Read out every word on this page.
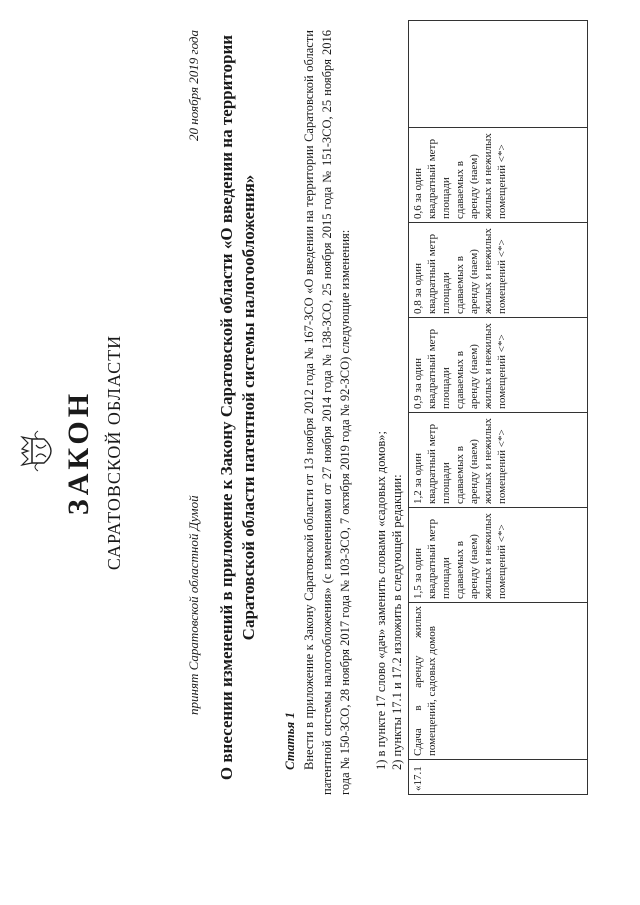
ЗАКОН САРАТОВСКОЙ ОБЛАСТИ
принят Саратовской областной Думой
20 ноября 2019 года О внесении изменений в приложение к Закону Саратовской области «О введении на территории Саратовской области патентной системы налогообложения»
Статья 1 Внести в приложение к Закону Саратовской области от 13 ноября 2012 года № 167-ЗСО «О введении на территории Саратовской области патентной системы налогообложения» (с изменениями от 27 ноября 2014 года № 138-ЗСО, 25 ноября 2015 года № 151-ЗСО, 25 ноября 2016 года № 150-ЗСО, 28 ноября 2017 года № 103-ЗСО, 7 октября 2019 года № 92-ЗСО) следующие изменения: 1) в пункте 17 слово «дач» заменить словами «садовых домов»; 2) пункты 17.1 и 17.2 изложить в следующей редакции:
«17.1	Сдача в аренду жилых помещений, садовых домов	1,5 за один квадратный метр площади сдаваемых в аренду (наем) жилых и нежилых помещений <*>	1,2 за один квадратный метр площади сдаваемых в аренду (наем) жилых и нежилых помещений <*>	0,9 за один квадратный метр площади сдаваемых в аренду (наем) жилых и нежилых помещений <*>	0,8 за один квадратный метр площади сдаваемых в аренду (наем) жилых и нежилых помещений <*>	0,6 за один квадратный метр площади сдаваемых в аренду (наем) жилых и нежилых помещений <*>	
